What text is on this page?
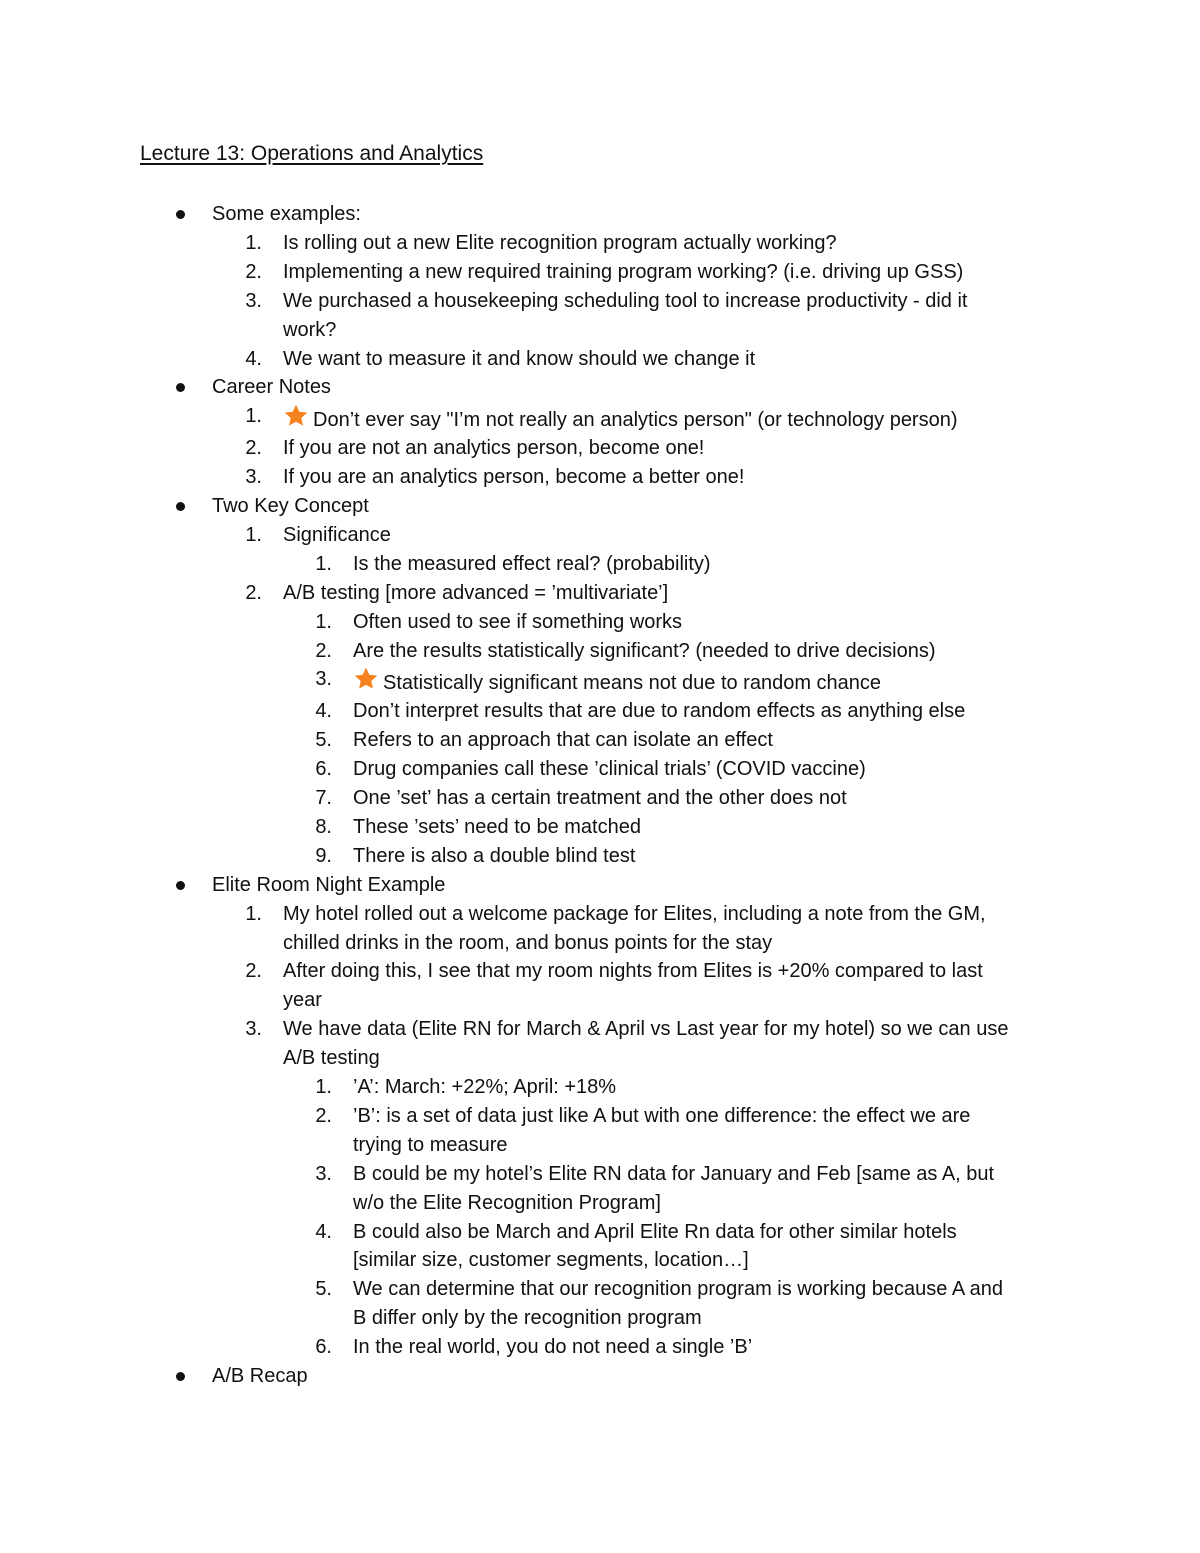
Lecture 13: Operations and Analytics
Some examples:
1. Is rolling out a new Elite recognition program actually working?
2. Implementing a new required training program working? (i.e. driving up GSS)
3. We purchased a housekeeping scheduling tool to increase productivity - did it
work?
4. We want to measure it and know should we change it
Career Notes
1.	Don’t ever say "I’m not really an analytics person" (or technology person)
2. If you are not an analytics person, become one!
3. If you are an analytics person, become a better one!
Two Key Concept
1. Significance
1. Is the measured effect real? (probability)
2. A/B testing [more advanced = ’multivariate’]
1. Often used to see if something works
2. Are the results statistically significant? (needed to drive decisions)
3.	Statistically significant means not due to random chance
4. Don’t interpret results that are due to random effects as anything else
5. Refers to an approach that can isolate an effect
6. Drug companies call these ’clinical trials’ (COVID vaccine)
7. One ’set’ has a certain treatment and the other does not
8. These ’sets’ need to be matched
9. There is also a double blind test
Elite Room Night Example
1. My hotel rolled out a welcome package for Elites, including a note from the GM,
chilled drinks in the room, and bonus points for the stay
2. After doing this, I see that my room nights from Elites is +20% compared to last
year
3. We have data (Elite RN for March & April vs Last year for my hotel) so we can use
A/B testing
1. ’A’: March: +22%; April: +18%
2. ’B’: is a set of data just like A but with one difference: the effect we are
trying to measure
3. B could be my hotel’s Elite RN data for January and Feb [same as A, but
w/o the Elite Recognition Program]
4. B could also be March and April Elite Rn data for other similar hotels
[similar size, customer segments, location…]
5. We can determine that our recognition program is working because A and
B differ only by the recognition program
6. In the real world, you do not need a single ’B’
A/B Recap
